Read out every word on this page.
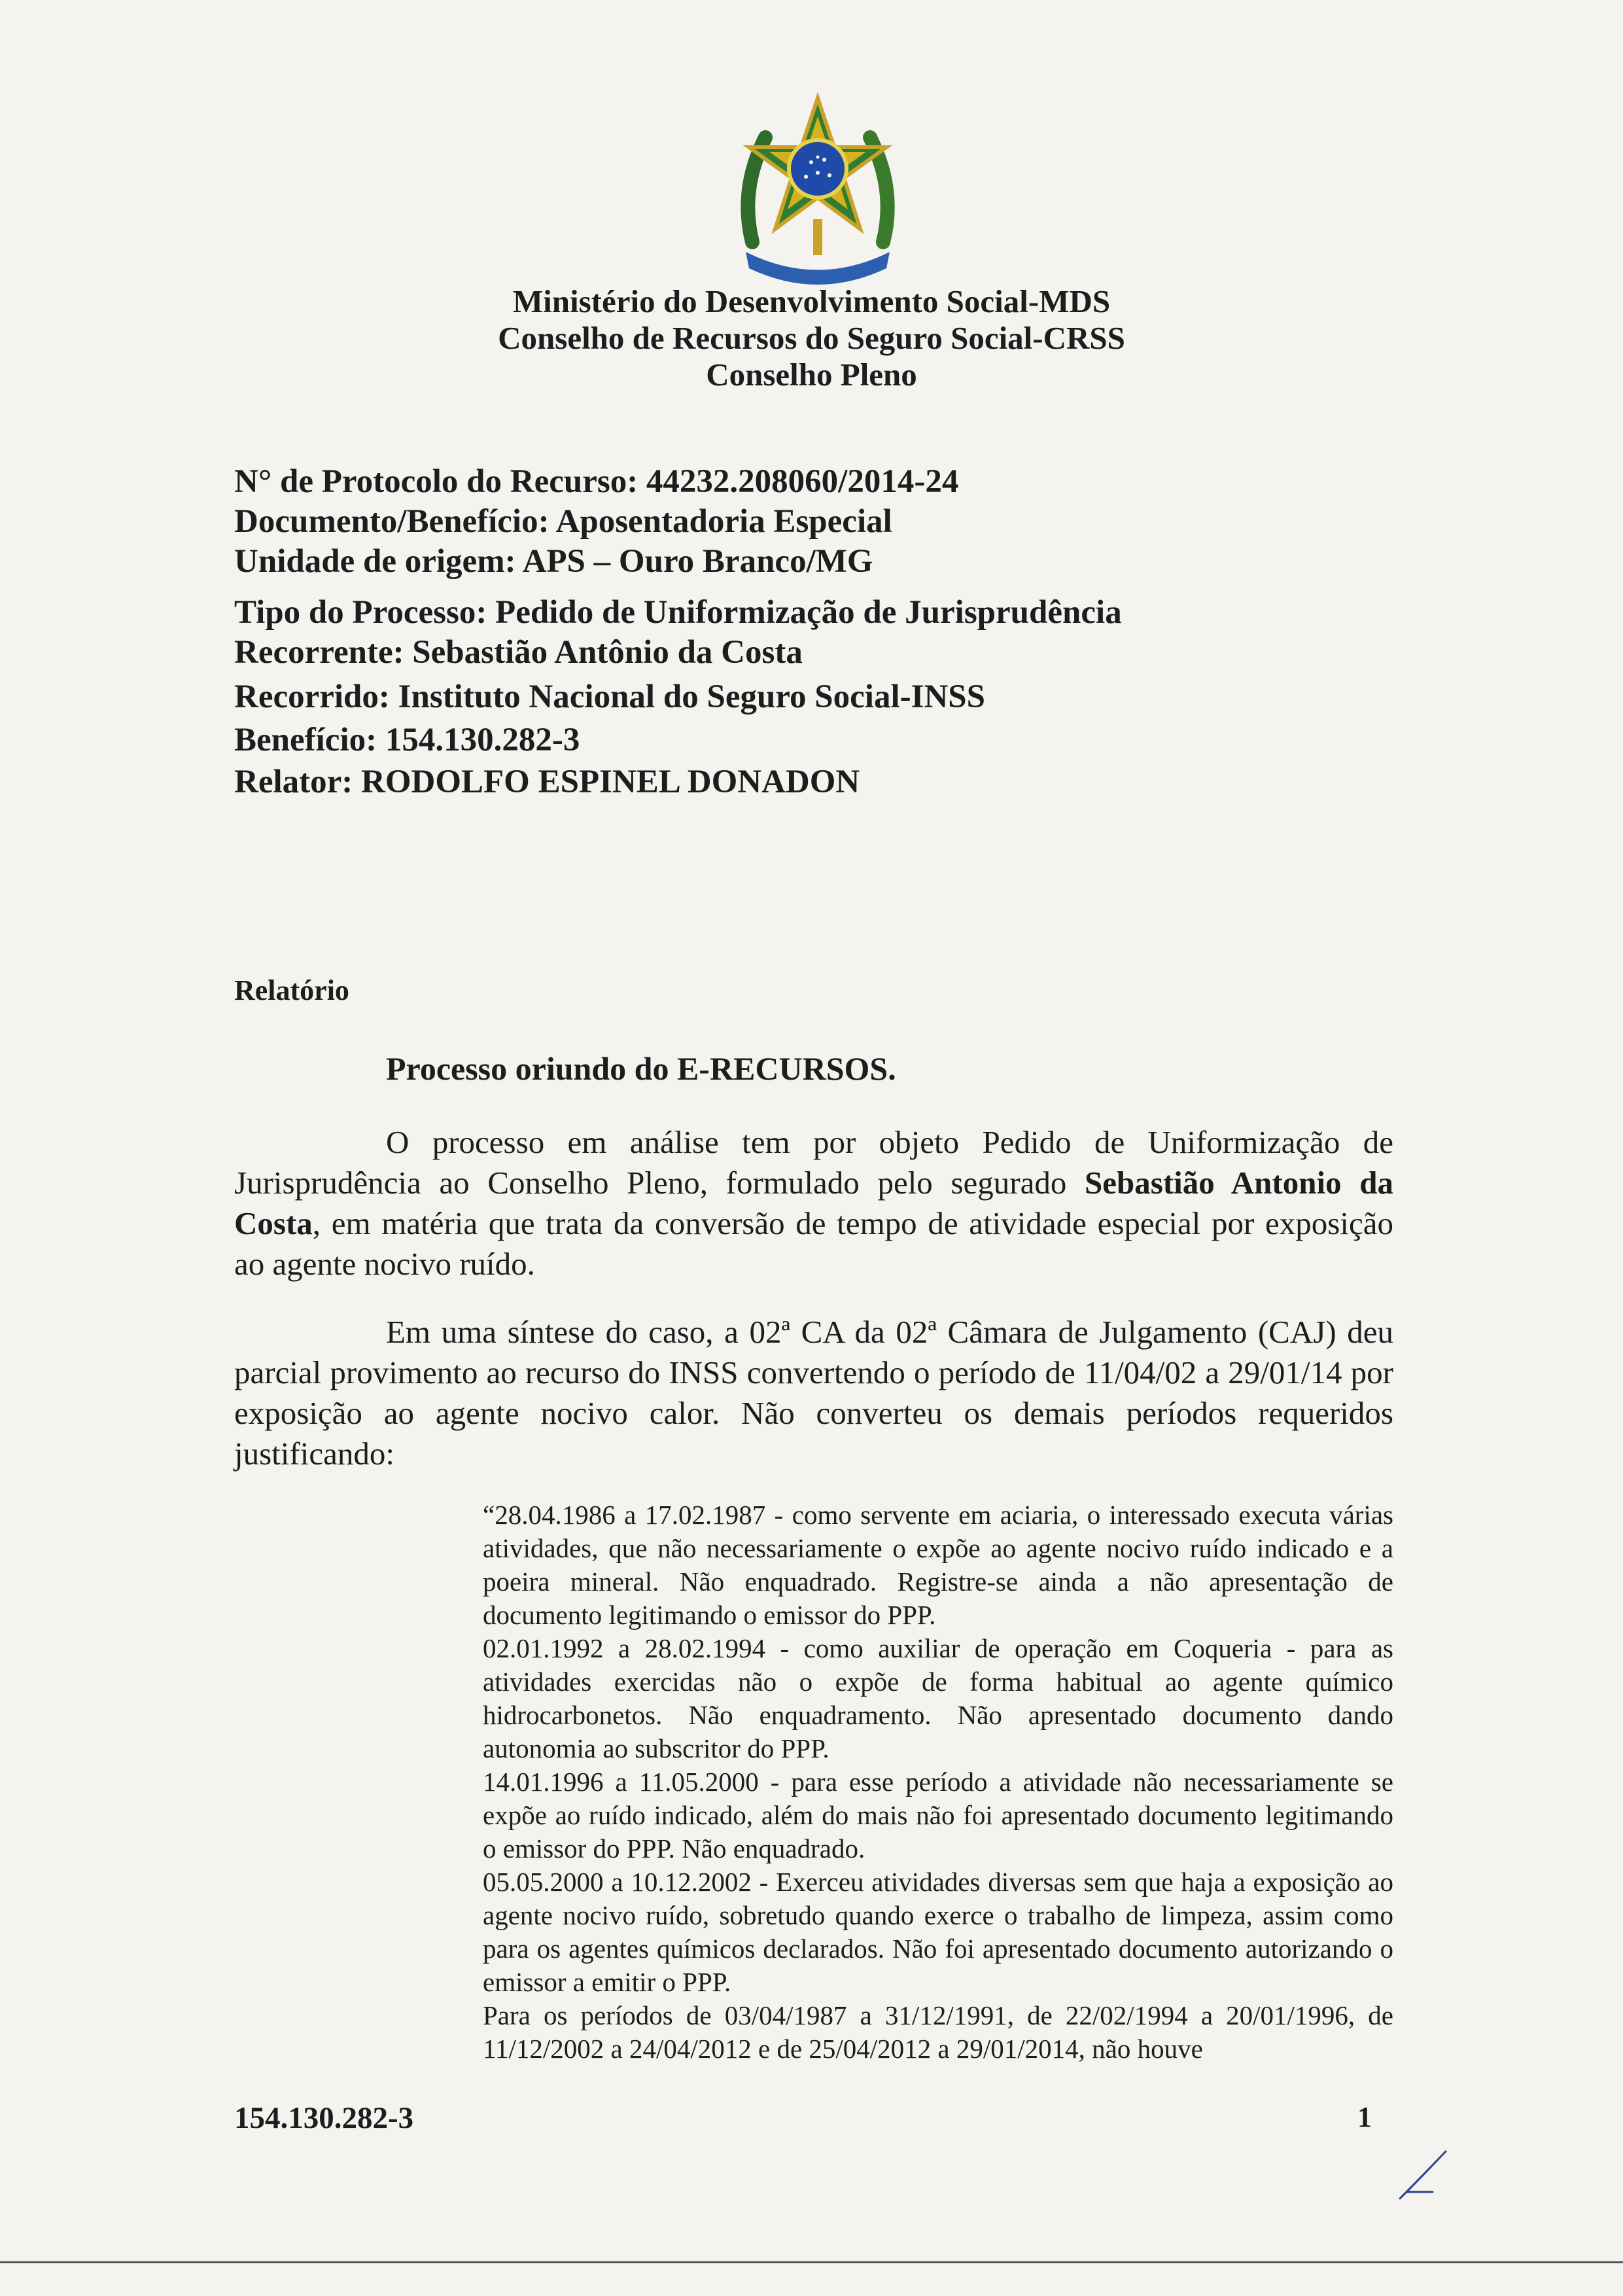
Ministério do Desenvolvimento Social-MDS
Conselho de Recursos do Seguro Social-CRSS
Conselho Pleno
N° de Protocolo do Recurso: 44232.208060/2014-24
Documento/Benefício: Aposentadoria Especial
Unidade de origem: APS – Ouro Branco/MG
Tipo do Processo: Pedido de Uniformização de Jurisprudência
Recorrente: Sebastião Antônio da Costa
Recorrido: Instituto Nacional do Seguro Social-INSS
Benefício: 154.130.282-3
Relator: RODOLFO ESPINEL DONADON
Relatório
Processo oriundo do E-RECURSOS.
O processo em análise tem por objeto Pedido de Uniformização de Jurisprudência ao Conselho Pleno, formulado pelo segurado Sebastião Antonio da Costa, em matéria que trata da conversão de tempo de atividade especial por exposição ao agente nocivo ruído.
Em uma síntese do caso, a 02ª CA da 02ª Câmara de Julgamento (CAJ) deu parcial provimento ao recurso do INSS convertendo o período de 11/04/02 a 29/01/14 por exposição ao agente nocivo calor. Não converteu os demais períodos requeridos justificando:

“28.04.1986 a 17.02.1987 - como servente em aciaria, o interessado executa várias atividades, que não necessariamente o expõe ao agente nocivo ruído indicado e a poeira mineral. Não enquadrado. Registre-se ainda a não apresentação de documento legitimando o emissor do PPP.

02.01.1992 a 28.02.1994 - como auxiliar de operação em Coqueria - para as atividades exercidas não o expõe de forma habitual ao agente químico hidrocarbonetos. Não enquadramento. Não apresentado documento dando autonomia ao subscritor do PPP.

14.01.1996 a 11.05.2000 - para esse período a atividade não necessariamente se expõe ao ruído indicado, além do mais não foi apresentado documento legitimando o emissor do PPP. Não enquadrado.

05.05.2000 a 10.12.2002 - Exerceu atividades diversas sem que haja a exposição ao agente nocivo ruído, sobretudo quando exerce o trabalho de limpeza, assim como para os agentes químicos declarados. Não foi apresentado documento autorizando o emissor a emitir o PPP.

Para os períodos de 03/04/1987 a 31/12/1991, de 22/02/1994 a 20/01/1996, de 11/12/2002 a 24/04/2012 e de 25/04/2012 a 29/01/2014, não houve

154.130.282-3	1
